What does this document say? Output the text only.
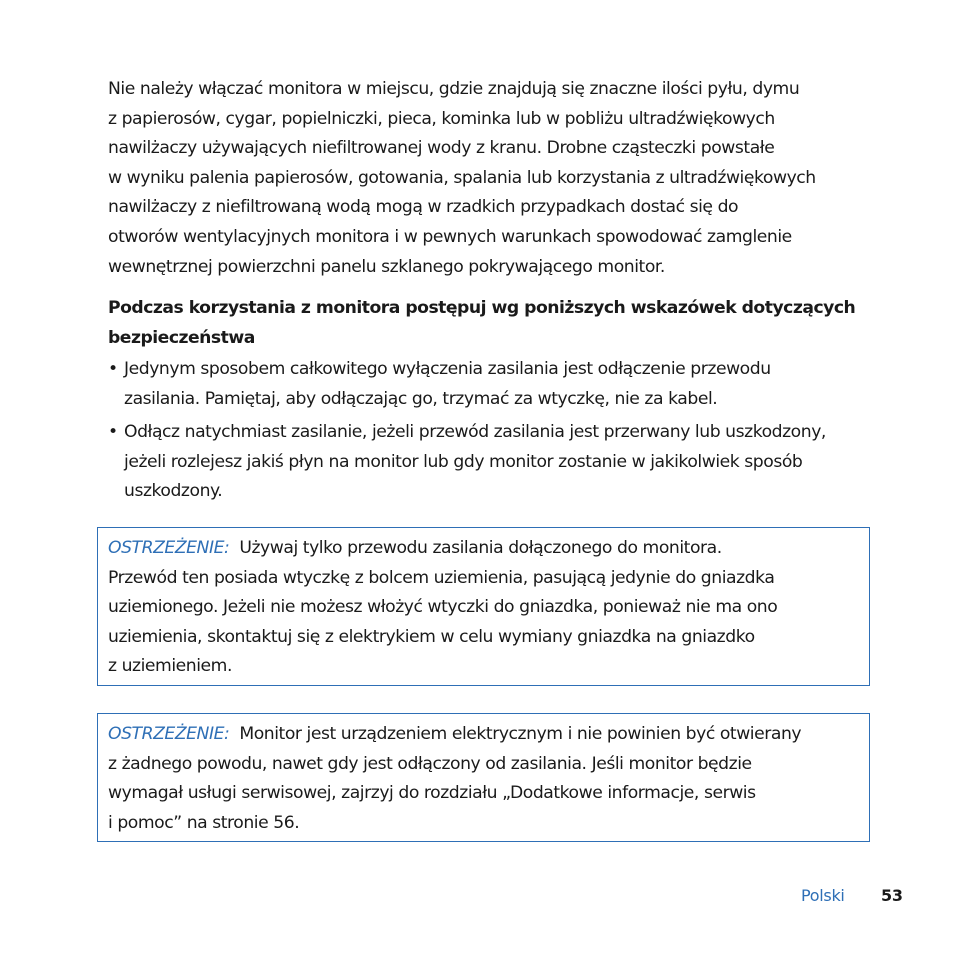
Nie należy włączać monitora w miejscu, gdzie znajdują się znaczne ilości pyłu, dymu
z papierosów, cygar, popielniczki, pieca, kominka lub w pobliżu ultradźwiękowych
nawilżaczy używających niefiltrowanej wody z kranu. Drobne cząsteczki powstałe
w wyniku palenia papierosów, gotowania, spalania lub korzystania z ultradźwiękowych
nawilżaczy z niefiltrowaną wodą mogą w rzadkich przypadkach dostać się do
otworów wentylacyjnych monitora i w pewnych warunkach spowodować zamglenie
wewnętrznej powierzchni panelu szklanego pokrywającego monitor.

Podczas korzystania z monitora postępuj wg poniższych wskazówek dotyczących
bezpieczeństwa

• Jedynym sposobem całkowitego wyłączenia zasilania jest odłączenie przewodu
zasilania. Pamiętaj, aby odłączając go, trzymać za wtyczkę, nie za kabel.
• Odłącz natychmiast zasilanie, jeżeli przewód zasilania jest przerwany lub uszkodzony,
jeżeli rozlejesz jakiś płyn na monitor lub gdy monitor zostanie w jakikolwiek sposób
uszkodzony.
OSTRZEŻENIE: Używaj tylko przewodu zasilania dołączonego do monitora.
Przewód ten posiada wtyczkę z bolcem uziemienia, pasującą jedynie do gniazdka
uziemionego. Jeżeli nie możesz włożyć wtyczki do gniazdka, ponieważ nie ma ono
uziemienia, skontaktuj się z elektrykiem w celu wymiany gniazdka na gniazdko
z uziemieniem.
OSTRZEŻENIE: Monitor jest urządzeniem elektrycznym i nie powinien być otwierany
z żadnego powodu, nawet gdy jest odłączony od zasilania. Jeśli monitor będzie
wymagał usługi serwisowej, zajrzyj do rozdziału „Dodatkowe informacje, serwis
i pomoc” na stronie 56.
Polski 53
